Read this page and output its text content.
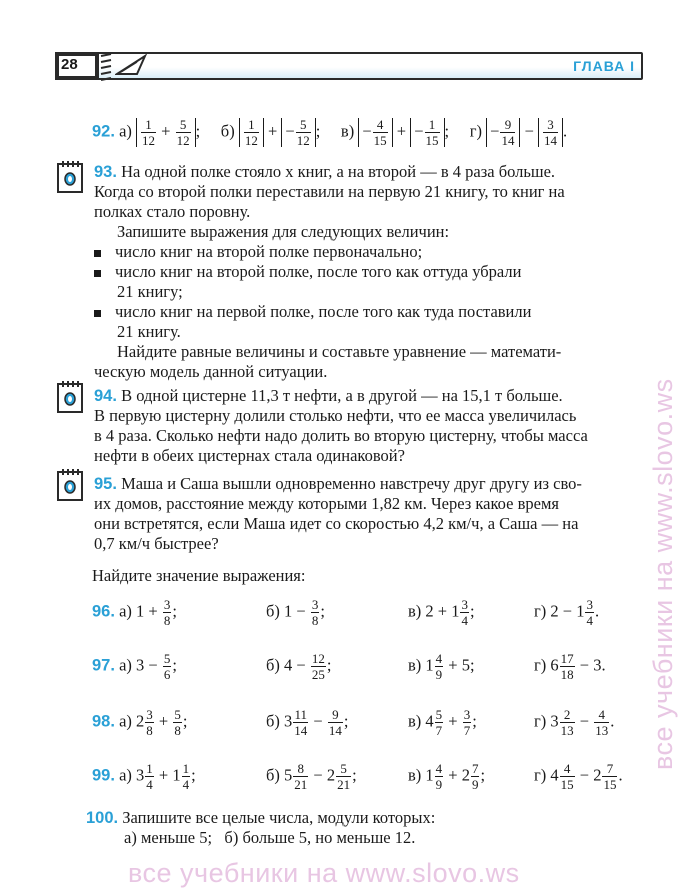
28	ГЛАВА I
92. $а) \frac{1}{12} + \frac{5}{12}$ ;     $б) \frac{1}{12}$ + − $\frac{5}{12}$ ;     $в) - \frac{4}{15}$ + − $\frac{1}{15}$ ;     $г) - \frac{9}{14} - \frac{3}{14}$ .
93. На одной полке стояло x книг, а на второй — в 4 раза больше.
Когда со второй полки переставили на первую 21 книгу, то книг на
полках стало поровну.
Запишите выражения для следующих величин:
число книг на второй полке первоначально;
число книг на второй полке, после того как оттуда убрали
21 книгу;
число книг на первой полке, после того как туда поставили
21 книгу.
Найдите равные величины и составьте уравнение — математи-
ческую модель данной ситуации.
94. В одной цистерне 11,3 т нефти, а в другой — на 15,1 т больше.
В первую цистерну долили столько нефти, что ее масса увеличилась
в 4 раза. Сколько нефти надо долить во вторую цистерну, чтобы масса
нефти в обеих цистернах стала одинаковой?
95. Маша и Саша вышли одновременно навстречу друг другу из сво-
их домов, расстояние между которыми 1,82 км. Через какое время
они встретятся, если Маша идет со скоростью 4,2 км/ч, а Саша — на
0,7 км/ч быстрее?
Найдите значение выражения:
96. а) $1 + \frac{3}{8}$ ;	б) $1 - \frac{3}{8}$ ;	в) $2 + 1 \frac{3}{4}$ ;	г) $2 - 1 \frac{3}{4}$ .
97. а) $3 - \frac{5}{6}$ ;	б) $4 - \frac{12}{25}$ ;	в) $1 \frac{4}{9} + 5$;	г) $6 \frac{17}{18} - 3$.
98. а) $2 \frac{3}{8} + \frac{5}{8}$ ;	б) $3 \frac{11}{14} - \frac{9}{14}$ ;	в) $4 \frac{5}{7} + \frac{3}{7}$ ;	г) $3 \frac{2}{13} - \frac{4}{13}$ .
99. а) $3 \frac{1}{4} + 1 \frac{1}{4}$ ;	б) $5 \frac{8}{21} - 2 \frac{5}{21}$ ;	в) $1 \frac{4}{9} + 2 \frac{7}{9}$ ;	г) $4 \frac{4}{15} - 2 \frac{7}{15}$ .
100. Запишите все целые числа, модули которых:
а) меньше 5;   б) больше 5, но меньше 12.
все учебники на www.slovo.ws
все учебники на www.slovo.ws
